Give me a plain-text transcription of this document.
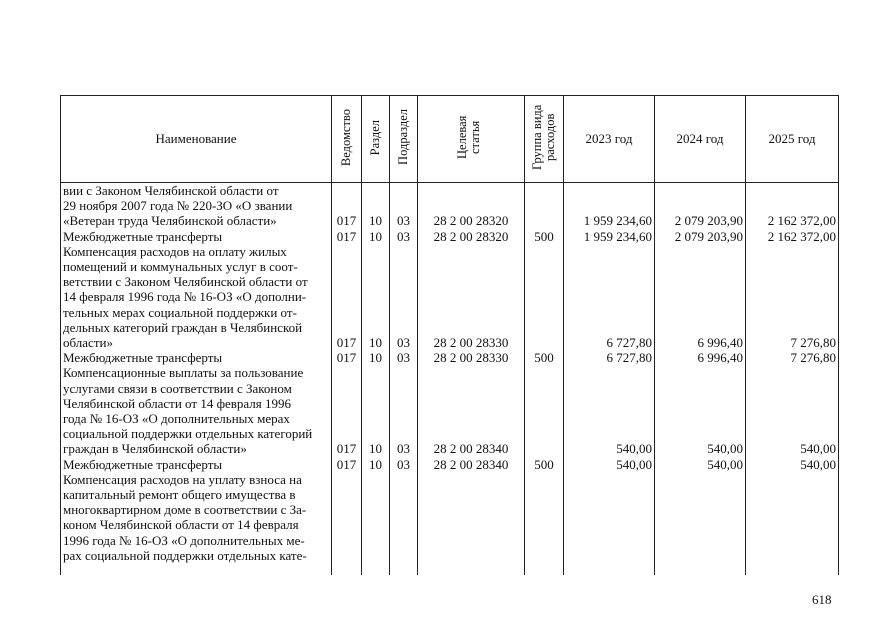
Наименование	Ведомство	Раздел	Подраздел	Целевая статья	Группа вида расходов	2023 год	2024 год	2025 год
вии с Законом Челябинской области от								
29 ноября 2007 года № 220-ЗО «О звании								
«Ветеран труда Челябинской области»	017	10	03	28 2 00 28320		1 959 234,60	2 079 203,90	2 162 372,00
Межбюджетные трансферты	017	10	03	28 2 00 28320	500	1 959 234,60	2 079 203,90	2 162 372,00
Компенсация расходов на оплату жилых								
помещений и коммунальных услуг в соот-								
ветствии с Законом Челябинской области от								
14 февраля 1996 года № 16-ОЗ «О дополни-								
тельных мерах социальной поддержки от-								
дельных категорий граждан в Челябинской								
области»	017	10	03	28 2 00 28330		6 727,80	6 996,40	7 276,80
Межбюджетные трансферты	017	10	03	28 2 00 28330	500	6 727,80	6 996,40	7 276,80
Компенсационные выплаты за пользование								
услугами связи в соответствии с Законом								
Челябинской области от 14 февраля 1996								
года № 16-ОЗ «О дополнительных мерах								
социальной поддержки отдельных категорий								
граждан в Челябинской области»	017	10	03	28 2 00 28340		540,00	540,00	540,00
Межбюджетные трансферты	017	10	03	28 2 00 28340	500	540,00	540,00	540,00
Компенсация расходов на уплату взноса на								
капитальный ремонт общего имущества в								
многоквартирном доме в соответствии с За-								
коном Челябинской области от 14 февраля								
1996 года № 16-ОЗ «О дополнительных ме-								
рах социальной поддержки отдельных кате-								

618
